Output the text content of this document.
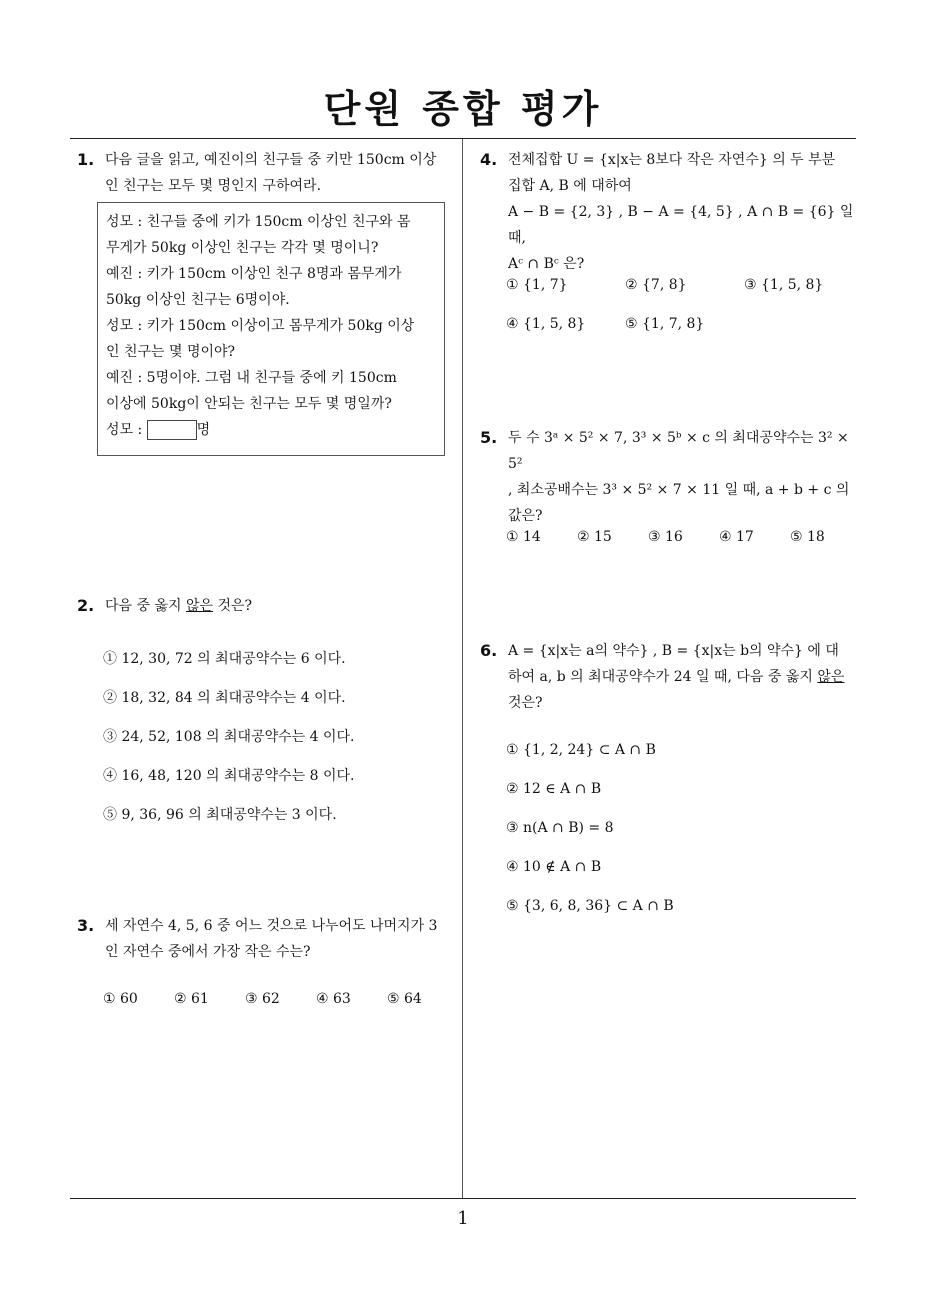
단원 종합 평가
1
1. 다음 글을 읽고, 예진이의 친구들 중 키만 150cm 이상
인 친구는 모두 몇 명인지 구하여라.
성모 : 친구들 중에 키가 150cm 이상인 친구와 몸
무게가 50kg 이상인 친구는 각각 몇 명이니?
예진 : 키가 150cm 이상인 친구 8명과 몸무게가
50kg 이상인 친구는 6명이야.
성모 : 키가 150cm 이상이고 몸무게가 50kg 이상
인 친구는 몇 명이야?
예진 : 5명이야. 그럼 내 친구들 중에 키 150cm
이상에 50kg이 안되는 친구는 모두 몇 명일까?
성모 :	명
2. 다음 중 옳지 않은 것은?
① 12, 30, 72 의 최대공약수는 6 이다.
② 18, 32, 84 의 최대공약수는 4 이다.
③ 24, 52, 108 의 최대공약수는 4 이다.
④ 16, 48, 120 의 최대공약수는 8 이다.
⑤ 9, 36, 96 의 최대공약수는 3 이다.
3. 세 자연수 4, 5, 6 중 어느 것으로 나누어도 나머지가 3
인 자연수 중에서 가장 작은 수는?
① 60	② 61	③ 62	④ 63	⑤ 64
4. 전체집합 U = {x|x는 8보다 작은 자연수} 의 두 부분
집합 A, B 에 대하여
A − B = {2, 3} , B − A = {4, 5} , A ∩ B = {6} 일 때,
Aᶜ ∩ Bᶜ 은?
① {1, 7}	② {7, 8}	③ {1, 5, 8}
④ {1, 5, 8}	⑤ {1, 7, 8}
5. 두 수 3ᵃ × 5² × 7, 3³ × 5ᵇ × c 의 최대공약수는 3² × 5²
, 최소공배수는 3³ × 5² × 7 × 11 일 때, a + b + c 의
값은?
① 14	② 15	③ 16	④ 17	⑤ 18
6. A = {x|x는 a의 약수} , B = {x|x는 b의 약수} 에 대
하여 a, b 의 최대공약수가 24 일 때, 다음 중 옳지 않은
것은?
① {1, 2, 24} ⊂ A ∩ B
② 12 ∈ A ∩ B
③ n(A ∩ B) = 8
④ 10 ∉ A ∩ B
⑤ {3, 6, 8, 36} ⊂ A ∩ B
